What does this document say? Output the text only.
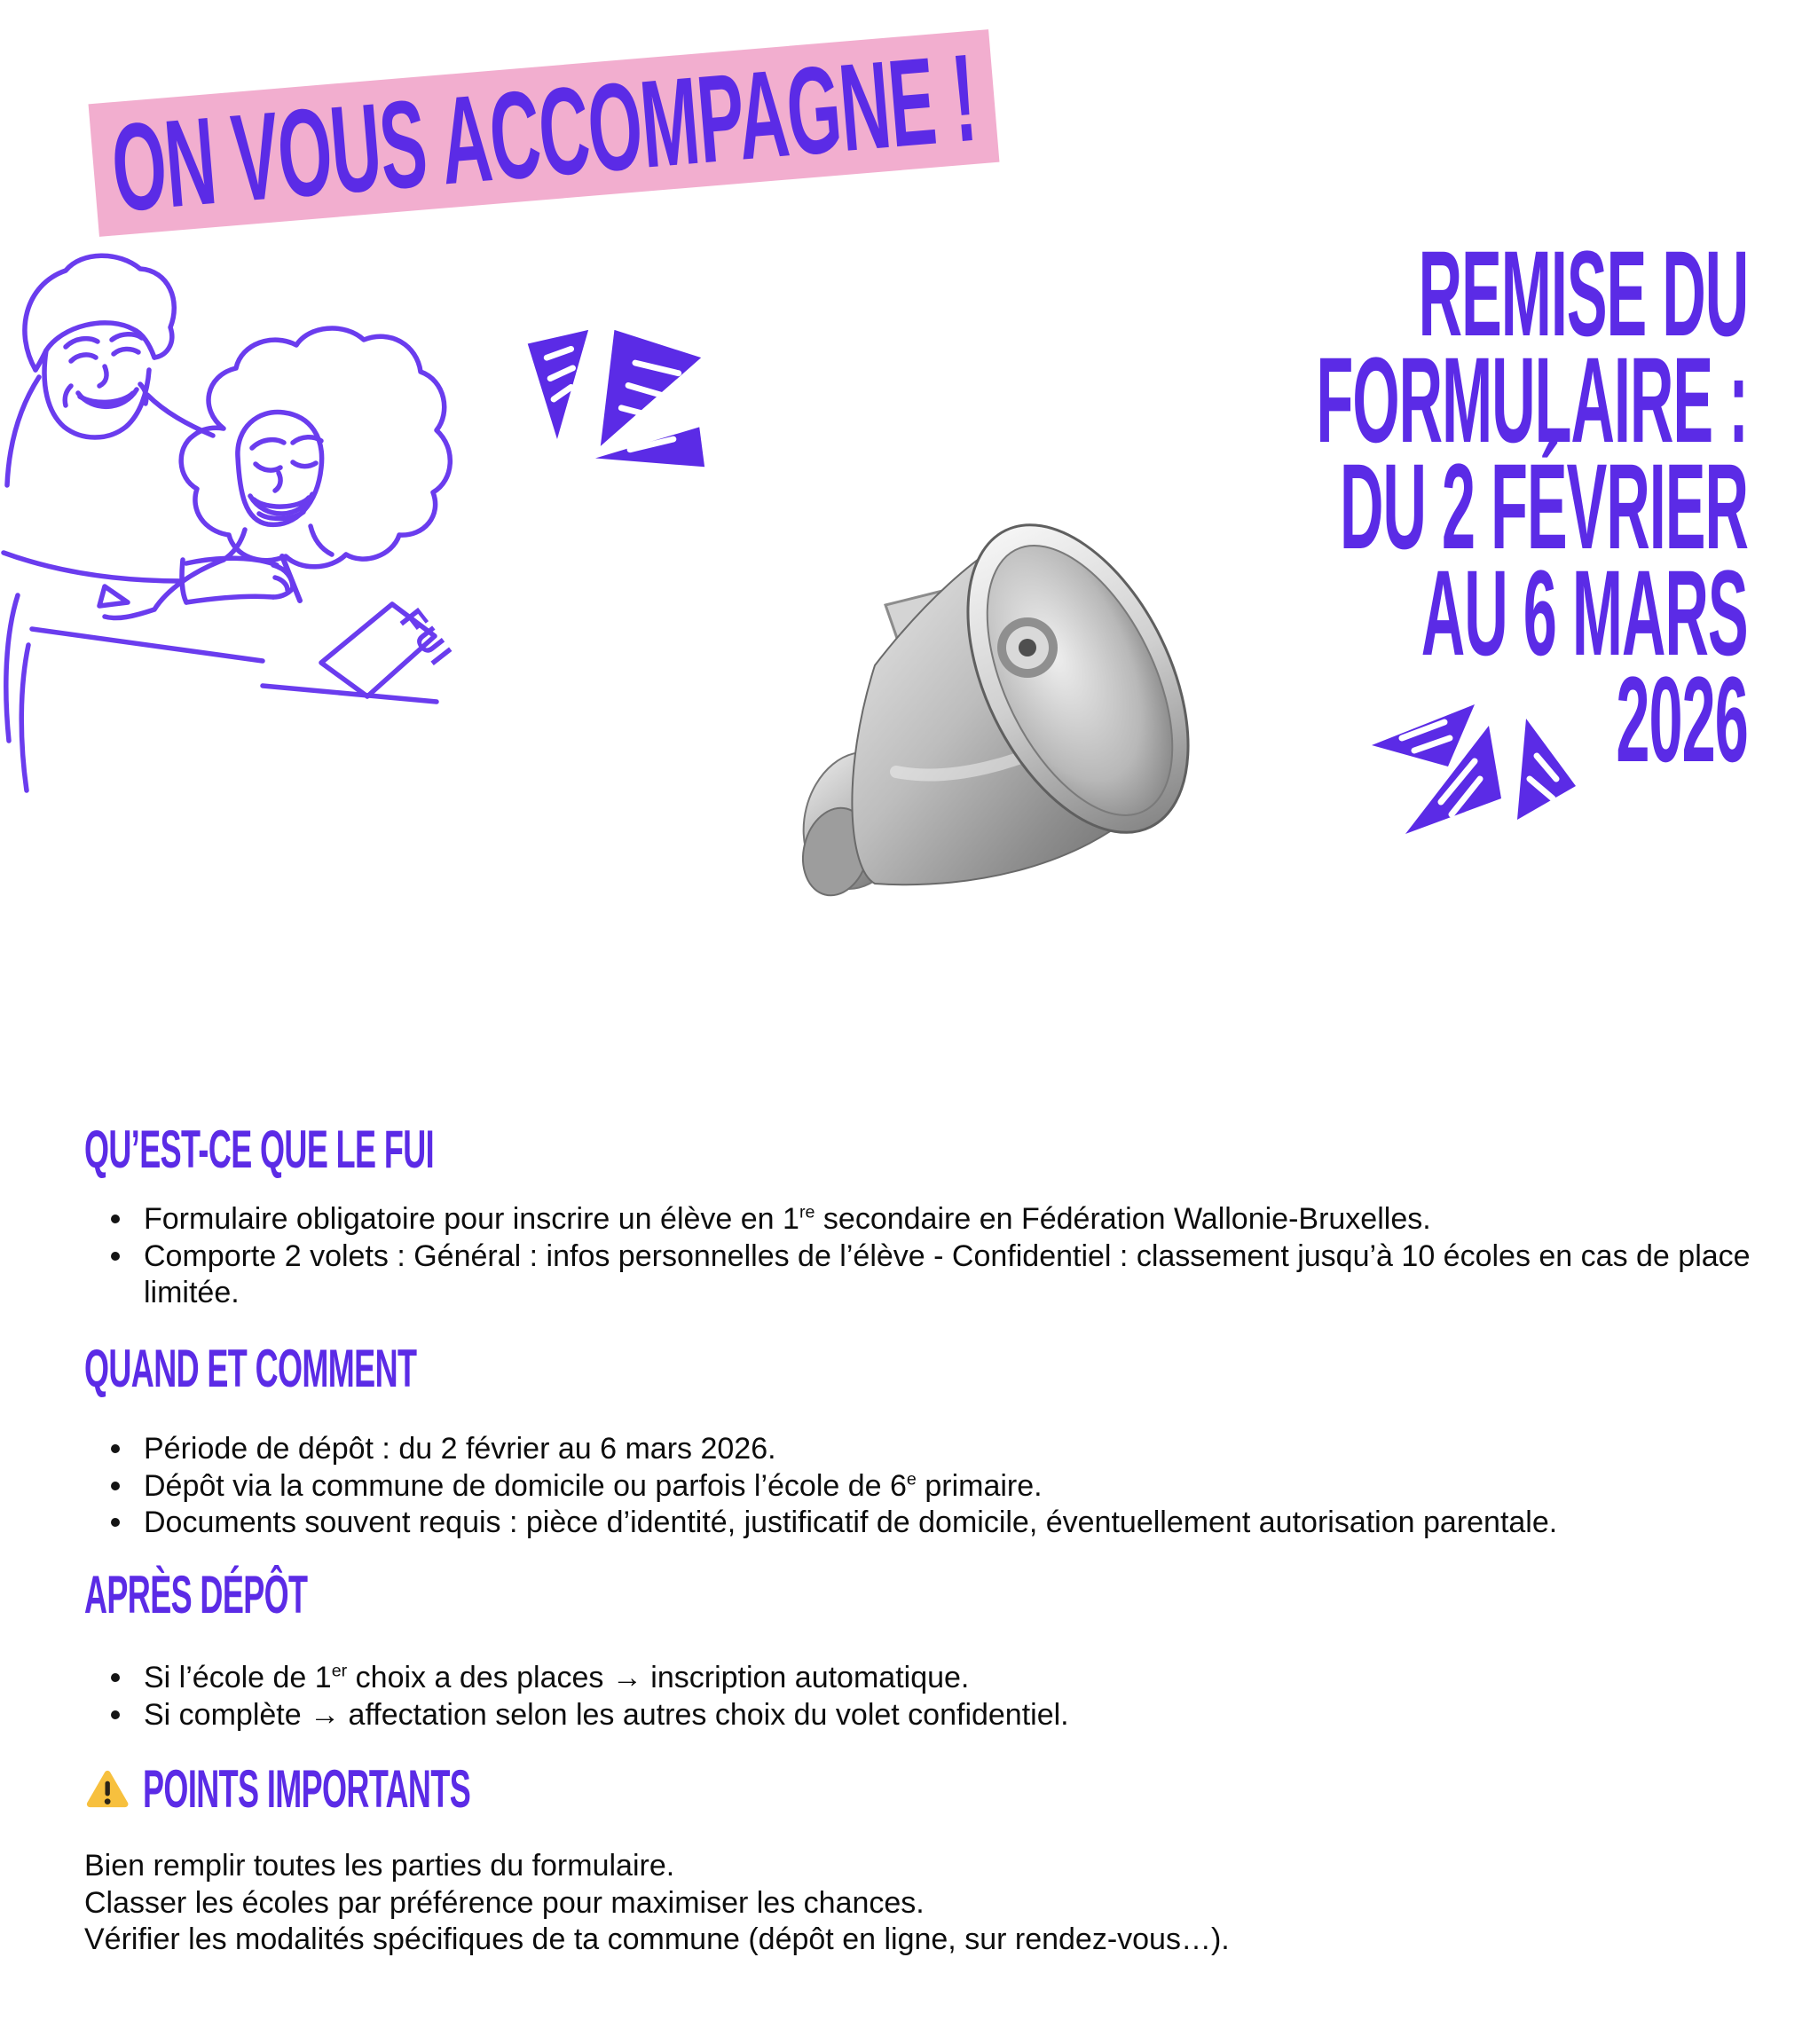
ON VOUS ACCOMPAGNE !
FUI
REMISE DU
FORMULAIRE :
DU 2 FÉVRIER
AU 6 MARS
2026
QU’EST-CE QUE LE FUI
Formulaire obligatoire pour inscrire un élève en 1re secondaire en Fédération Wallonie-Bruxelles.
Comporte 2 volets : Général : infos personnelles de l’élève - Confidentiel : classement jusqu’à 10 écoles en cas de place limitée.
QUAND ET COMMENT
Période de dépôt : du 2 février au 6 mars 2026.
Dépôt via la commune de domicile ou parfois l’école de 6e primaire.
Documents souvent requis : pièce d’identité, justificatif de domicile, éventuellement autorisation parentale.
APRÈS DÉPÔT
Si l’école de 1er choix a des places → inscription automatique.
Si complète → affectation selon les autres choix du volet confidentiel.
POINTS IMPORTANTS

Bien remplir toutes les parties du formulaire.

Classer les écoles par préférence pour maximiser les chances.

Vérifier les modalités spécifiques de ta commune (dépôt en ligne, sur rendez-vous…).
